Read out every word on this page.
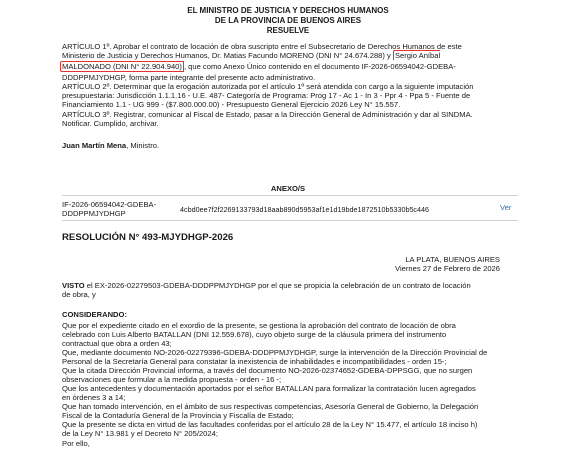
EL MINISTRO DE JUSTICIA Y DERECHOS HUMANOS
DE LA PROVINCIA DE BUENOS AIRES
RESUELVE
ARTÍCULO 1º. Aprobar el contrato de locación de obra suscripto entre el Subsecretario de Derechos Humanos de este
Ministerio de Justicia y Derechos Humanos, Dr. Matias Facundo MORENO (DNI N° 24.674.288) y Sergio Aníbal
MALDONADO (DNI N° 22.904.940) , que como Anexo Único contenido en el documento IF-2026-06594042-GDEBA-
DDDPPMJYDHGP, forma parte integrante del presente acto administrativo.
ARTÍCULO 2º. Determinar que la erogación autorizada por el artículo 1º será atendida con cargo a la siguiente imputación
presupuestaria: Jurisdicción 1.1.1.16 - U.E. 487- Categoría de Programa: Prog 17 - Ac 1 - In 3 - Ppr 4 - Ppa 5 - Fuente de
Financiamiento 1.1 - UG 999 - ($7.800.000.00) - Presupuesto General Ejercicio 2026 Ley N° 15.557.
ARTÍCULO 3º. Registrar, comunicar al Fiscal de Estado, pasar a la Dirección General de Administración y dar al SINDMA.
Notificar. Cumplido, archivar.
Juan Martín Mena, Ministro.
ANEXO/S
IF-2026-06594042-GDEBA-
DDDPPMJYDHGP	4cbd0ee7f2f2269133793d18aab890d5953af1e1d19bde1872510b5330b5c446	Ver
RESOLUCIÓN N° 493-MJYDHGP-2026
LA PLATA, BUENOS AIRES
Viernes 27 de Febrero de 2026
VISTO el EX-2026-02279503-GDEBA-DDDPPMJYDHGP por el que se propicia la celebración de un contrato de locación
de obra, y
CONSIDERANDO:
Que por el expediente citado en el exordio de la presente, se gestiona la aprobación del contrato de locación de obra
celebrado con Luis Alberto BATALLAN (DNI 12.559.678), cuyo objeto surge de la cláusula primera del instrumento
contractual que obra a orden 43;
Que, mediante documento NO-2026-02279396-GDEBA-DDDPPMJYDHGP, surge la intervención de la Dirección Provincial de
Personal de la Secretaría General para constatar la inexistencia de inhabilidades e incompatibilidades - orden 15-;
Que la citada Dirección Provincial informa, a través del documento NO-2026-02374652-GDEBA-DPPSGG, que no surgen
observaciones que formular a la medida propuesta - orden - 16 -;
Que los antecedentes y documentación aportados por el señor BATALLAN para formalizar la contratación lucen agregados
en órdenes 3 a 14;
Que han tomado intervención, en el ámbito de sus respectivas competencias, Asesoría General de Gobierno, la Delegación
Fiscal de la Contaduría General de la Provincia y Fiscalía de Estado;
Que la presente se dicta en virtud de las facultades conferidas por el artículo 28 de la Ley N° 15.477, el artículo 18 inciso h)
de la Ley N° 13.981 y el Decreto N° 205/2024;
Por ello,
